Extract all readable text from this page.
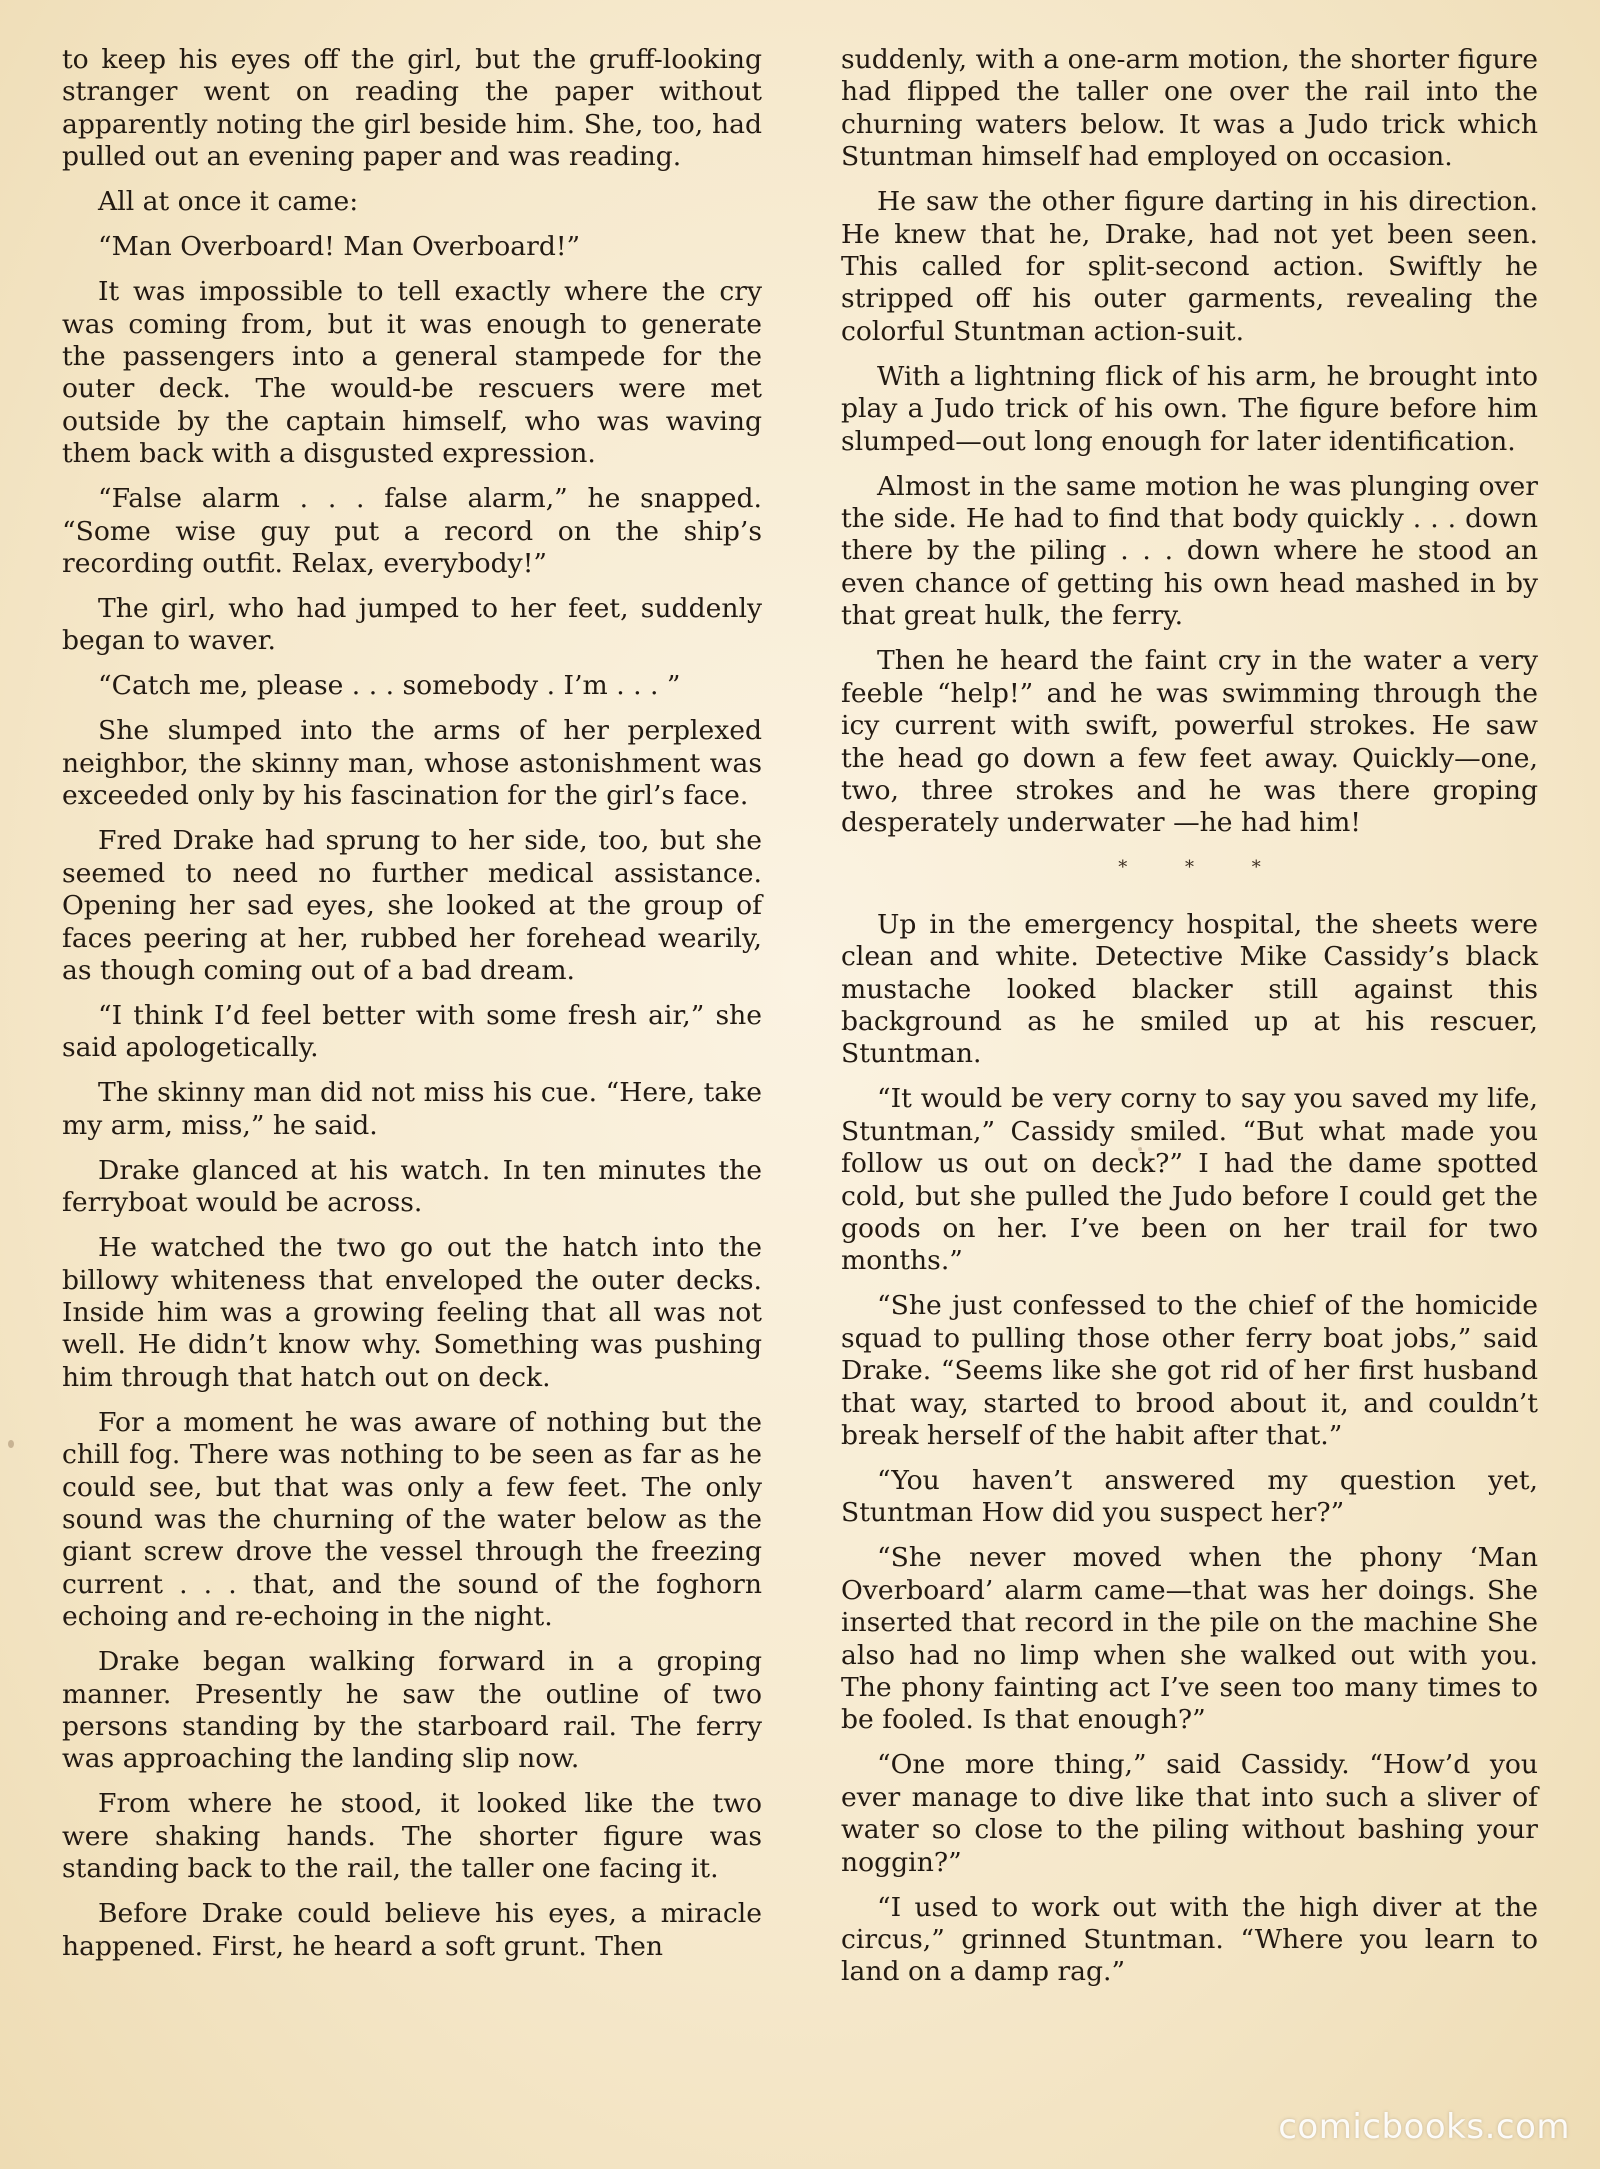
to keep his eyes off the girl, but the gruff-looking stranger went on reading the paper without apparently noting the girl beside him. She, too, had pulled out an evening paper and was reading.

All at once it came:

“Man Overboard! Man Overboard!”

It was impossible to tell exactly where the cry was coming from, but it was enough to generate the passengers into a general stampede for the outer deck. The would-be rescuers were met outside by the captain himself, who was waving them back with a disgusted expression.

“False alarm . . . false alarm,” he snapped. “Some wise guy put a record on the ship’s recording outfit. Relax, everybody!”

The girl, who had jumped to her feet, suddenly began to waver.

“Catch me, please . . . somebody . I’m . . . ”

She slumped into the arms of her perplexed neighbor, the skinny man, whose astonishment was exceeded only by his fascination for the girl’s face.

Fred Drake had sprung to her side, too, but she seemed to need no further medical assistance. Opening her sad eyes, she looked at the group of faces peering at her, rubbed her forehead wearily, as though coming out of a bad dream.

“I think I’d feel better with some fresh air,” she said apologetically.

The skinny man did not miss his cue. “Here, take my arm, miss,” he said.

Drake glanced at his watch. In ten minutes the ferryboat would be across.

He watched the two go out the hatch into the billowy whiteness that enveloped the outer decks. Inside him was a growing feeling that all was not well. He didn’t know why. Something was pushing him through that hatch out on deck.

For a moment he was aware of nothing but the chill fog. There was nothing to be seen as far as he could see, but that was only a few feet. The only sound was the churning of the water below as the giant screw drove the vessel through the freezing current . . . that, and the sound of the foghorn echoing and re-echoing in the night.

Drake began walking forward in a groping manner. Presently he saw the outline of two persons standing by the starboard rail. The ferry was approaching the landing slip now.

From where he stood, it looked like the two were shaking hands. The shorter figure was standing back to the rail, the taller one facing it.

Before Drake could believe his eyes, a miracle happened. First, he heard a soft grunt. Then

suddenly, with a one-arm motion, the shorter figure had flipped the taller one over the rail into the churning waters below. It was a Judo trick which Stuntman himself had employed on occasion.

He saw the other figure darting in his direction. He knew that he, Drake, had not yet been seen. This called for split-second action. Swiftly he stripped off his outer garments, revealing the colorful Stuntman action-suit.

With a lightning flick of his arm, he brought into play a Judo trick of his own. The figure before him slumped—out long enough for later identification.

Almost in the same motion he was plunging over the side. He had to find that body quickly . . . down there by the piling . . . down where he stood an even chance of getting his own head mashed in by that great hulk, the ferry.

Then he heard the faint cry in the water a very feeble “help!” and he was swimming through the icy current with swift, powerful strokes. He saw the head go down a few feet away. Quickly—one, two, three strokes and he was there groping desperately underwater —he had him!

* * *

Up in the emergency hospital, the sheets were clean and white. Detective Mike Cassidy’s black mustache looked blacker still against this background as he smiled up at his rescuer, Stuntman.

“It would be very corny to say you saved my life, Stuntman,” Cassidy smiled. “But what made you follow us out on deck?” I had the dame spotted cold, but she pulled the Judo before I could get the goods on her. I’ve been on her trail for two months.”

“She just confessed to the chief of the homicide squad to pulling those other ferry boat jobs,” said Drake. “Seems like she got rid of her first husband that way, started to brood about it, and couldn’t break herself of the habit after that.”

“You haven’t answered my question yet, Stuntman How did you suspect her?”

“She never moved when the phony ‘Man Overboard’ alarm came—that was her doings. She inserted that record in the pile on the machine She also had no limp when she walked out with you. The phony fainting act I’ve seen too many times to be fooled. Is that enough?”

“One more thing,” said Cassidy. “How’d you ever manage to dive like that into such a sliver of water so close to the piling without bashing your noggin?”

“I used to work out with the high diver at the circus,” grinned Stuntman. “Where you learn to land on a damp rag.”

comicbooks.com
